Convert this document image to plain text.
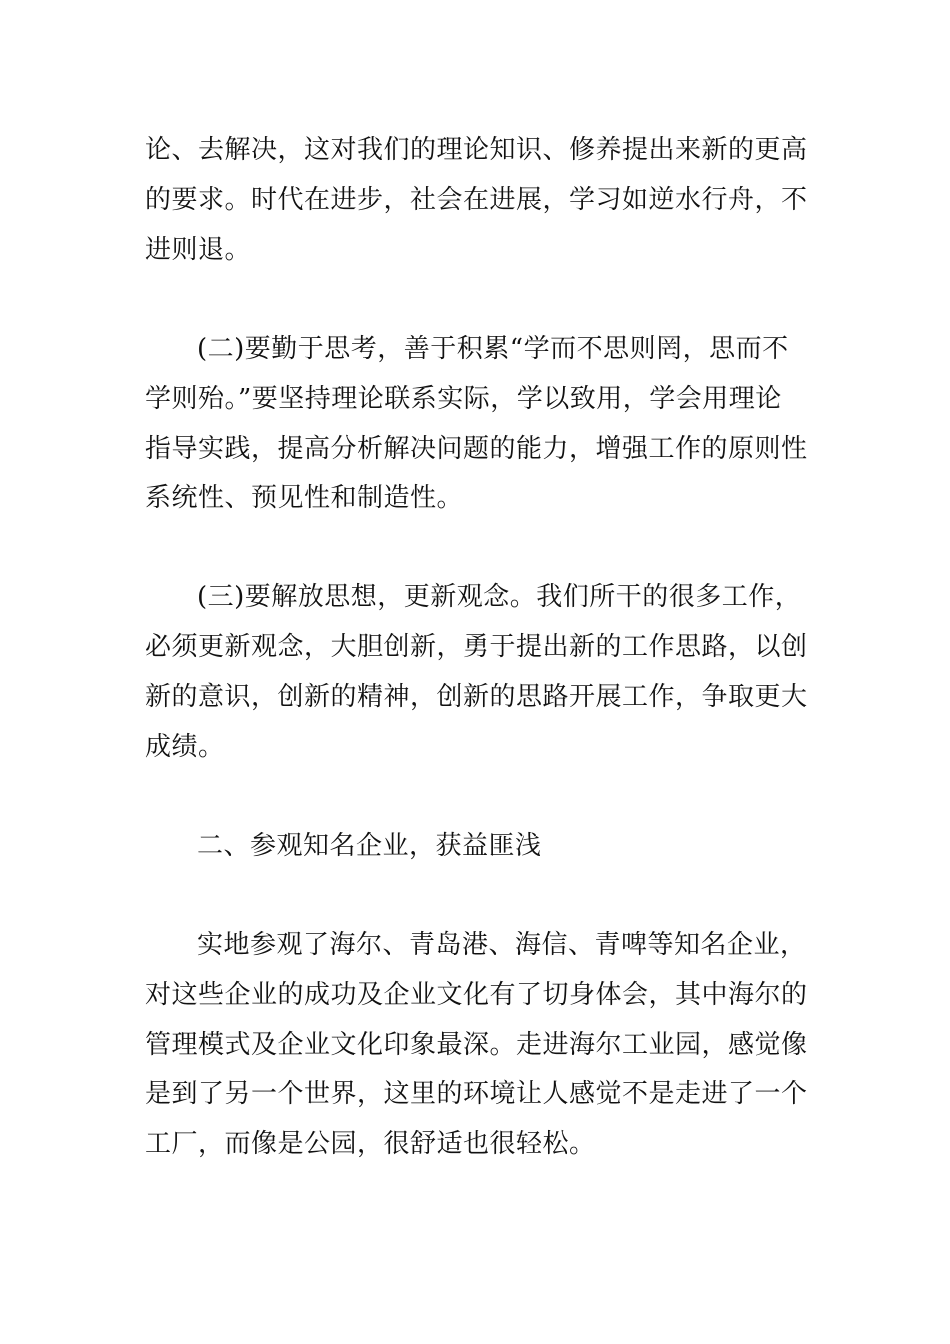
论、去解决，这对我们的理论知识、修养提出来新的更高
的要求。时代在进步，社会在进展，学习如逆水行舟，不
进则退。
(二)要勤于思考，善于积累“学而不思则罔，思而不
学则殆。”要坚持理论联系实际，学以致用，学会用理论
指导实践，提高分析解决问题的能力，增强工作的原则性
系统性、预见性和制造性。
(三)要解放思想，更新观念。我们所干的很多工作，
必须更新观念，大胆创新，勇于提出新的工作思路，以创
新的意识，创新的精神，创新的思路开展工作，争取更大
成绩。
二、参观知名企业，获益匪浅
实地参观了海尔、青岛港、海信、青啤等知名企业，
对这些企业的成功及企业文化有了切身体会，其中海尔的
管理模式及企业文化印象最深。走进海尔工业园，感觉像
是到了另一个世界，这里的环境让人感觉不是走进了一个
工厂，而像是公园，很舒适也很轻松。
